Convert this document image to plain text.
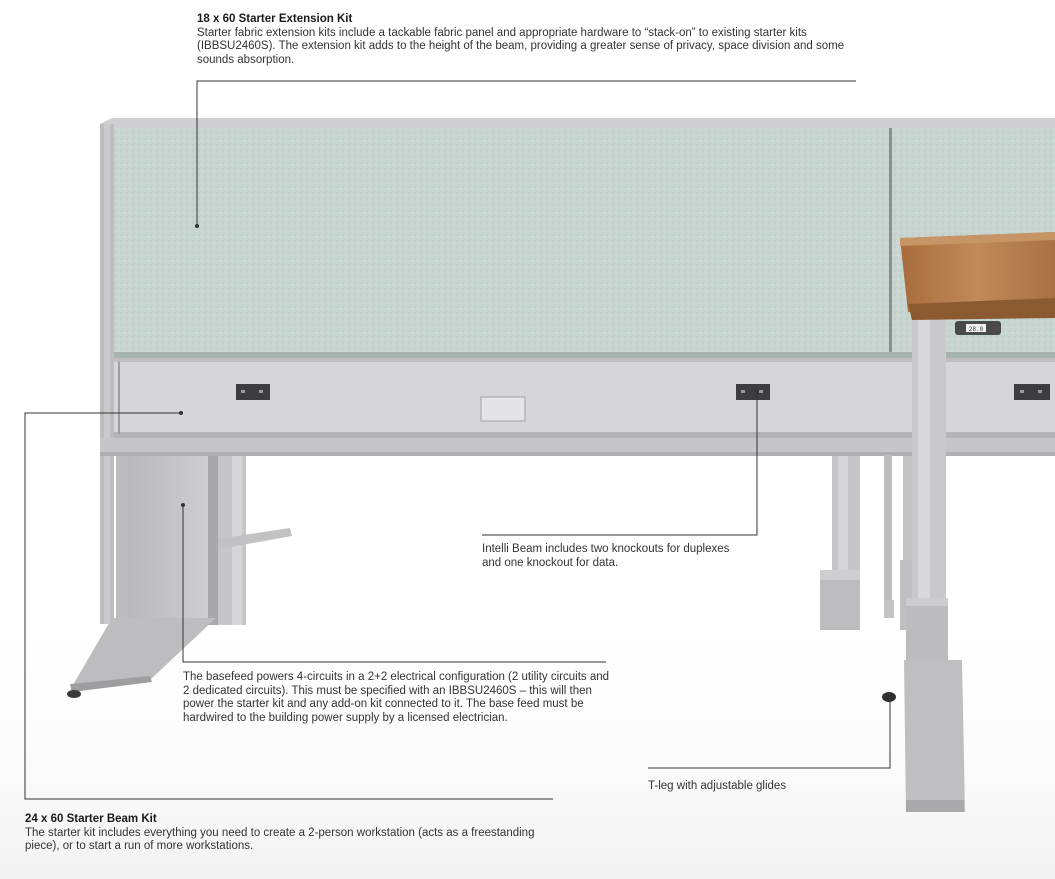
28.0
18 x 60 Starter Extension Kit
Starter fabric extension kits include a tackable fabric panel and appropriate hardware to “stack-on” to existing starter kits (IBBSU2460S). The extension kit adds to the height of the beam, providing a greater sense of privacy, space division and some sounds absorption.
Intelli Beam includes two knockouts for duplexes and one knockout for data.
The basefeed powers 4-circuits in a 2+2 electrical configuration (2 utility circuits and 2 dedicated circuits). This must be specified with an IBBSU2460S – this will then power the starter kit and any add-on kit connected to it. The base feed must be hardwired to the building power supply by a licensed electrician.
T-leg with adjustable glides
24 x 60 Starter Beam Kit
The starter kit includes everything you need to create a 2-person workstation (acts as a freestanding piece), or to start a run of more workstations.
